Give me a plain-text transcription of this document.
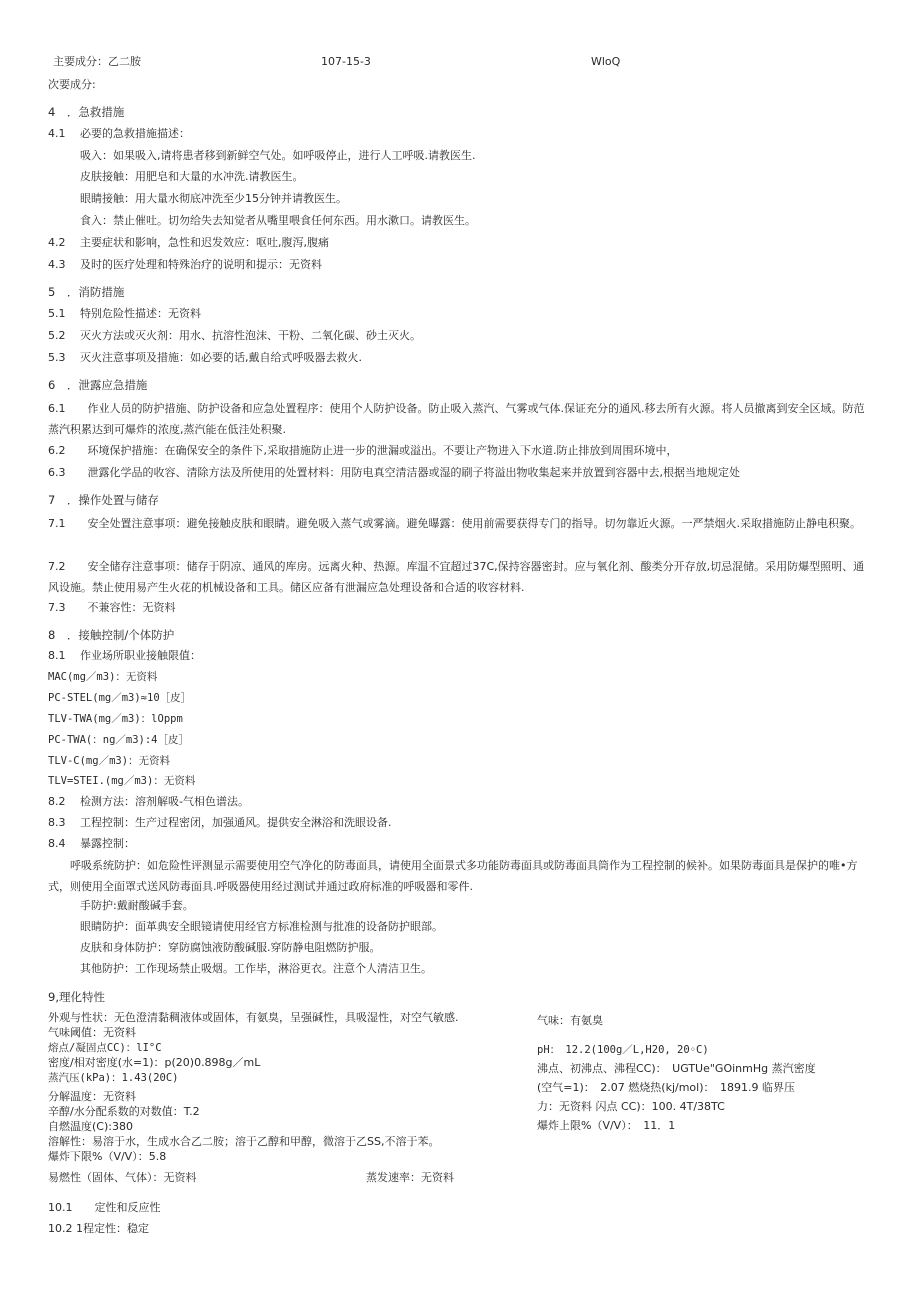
主要成分：乙二胺	107-15-3	WloQ
次要成分:
4　．急救措施
4.1　 必要的急救措施描述：
吸入：如果吸入,请将患者移到新鲜空气处。如呼吸停止，进行人工呼吸.请教医生.
皮肤接触：用肥皂和大量的水冲洗.请教医生。
眼睛接触：用大量水彻底冲洗至少15分钟并请教医生。
食入：禁止催吐。切勿给失去知觉者从嘴里喂食任何东西。用水漱口。请教医生。
4.2　 主要症状和影响，急性和迟发效应：呕吐,腹泻,腹痛
4.3　 及时的医疗处理和特殊治疗的说明和提示：无资料
5　．消防措施
5.1　 特别危险性描述：无资料
5.2　 灭火方法或灭火剂：用水、抗溶性泡沫、干粉、二氧化碳、砂土灭火。
5.3　 灭火注意事项及措施：如必要的话,戴自给式呼吸器去救火.
6　．泄露应急措施
6.1　　作业人员的防护措施、防护设备和应急处置程序：使用个人防护设备。防止吸入蒸汽、气雾或气体.保证充分的通风.移去所有火源。将人员撤离到安全区域。防范蒸汽积累达到可爆炸的浓度,蒸汽能在低洼处积聚.
6.2　　环境保护措施：在确保安全的条件下,采取措施防止进一步的泄漏或溢出。不要让产物进入下水道.防止排放到周围环境中，
6.3　　泄露化学品的收容、清除方法及所使用的处置材料：用防电真空清洁器或湿的刷子将溢出物收集起来并放置到容器中去,根据当地规定处
7　．操作处置与储存
7.1　　安全处置注意事项：避免接触皮肤和眼睛。避免吸入蒸气或雾滴。避免曝露：使用前需要获得专门的指导。切勿靠近火源。一严禁烟火.采取措施防止静电积聚。
7.2　　安全储存注意事项：储存于阴凉、通风的库房。远离火种、热源。库温不宜超过37C,保持容器密封。应与氧化剂、酸类分开存放,切忌混储。采用防爆型照明、通风设施。禁止使用易产生火花的机械设备和工具。储区应备有泄漏应急处理设备和合适的收容材料.
7.3　　不兼容性：无资料
8　．接触控制/个体防护
8.1　 作业场所职业接触限值：
MAC(mg／m3)：无资料
PC-STEL(mg／m3)≈10［皮］
TLV-TWA(mg／m3)：lOppm
PC-TWA(：ng／m3):4［皮］
TLV-C(mg／m3)：无资料
TLV=STEI.(mg／m3)：无资料
8.2　 检测方法：溶剂解吸-气相色谱法。
8.3　 工程控制：生产过程密闭，加强通风。提供安全淋浴和洗眼设备.
8.4　 暴露控制：
　　呼吸系统防护：如危险性评测显示需要使用空气净化的防毒面具，请使用全面景式多功能防毒面具或防毒面具筒作为工程控制的候补。如果防毒面具是保护的唯•方式，则使用全面罩式送风防毒面具.呼吸器使用经过测试并通过政府标准的呼吸器和零件.
手防护:戴耐酸碱手套。
眼睛防护：面革典安全眼镜请使用经官方标准检测与批准的设备防护眼部。
皮肤和身体防护：穿防腐蚀液防酸碱服.穿防静电阻燃防护服。
其他防护：工作现场禁止吸烟。工作毕，淋浴更衣。注意个人清洁卫生。
9,理化特性
外观与性状：无色澄清黏稠液体或固体，有氨臭，呈强碱性，具吸湿性，对空气敏感.	气味：有氨臭
气味阈值：无资料
熔点/凝固点CC)：lI°C
密度/相对密度(水=1)：p(20)0.898g／mL
蒸汽压(kPa)：1.43(20C)
分解温度：无资料
辛醇/水分配系数的对数值：T.2
自燃温度(C):380
溶解性：易溶于水，生成水合乙二胺；溶于乙醇和甲醇，微溶于乙SS,不溶于苯。
爆炸下限%（V/V）：5.8
易燃性（固体、气体）：无资料	蒸发速率：无资料
pH：　12.2(100g／L,H20, 20◦C)
沸点、初沸点、沸程CC)：　UGTUe"GOinmHg 蒸汽密度
(空气=1)：　2.07 燃烧热(kj/mol)：　1891.9 临界压
力：无资料 闪点 CC)：100. 4T/38TC
爆炸上限%（V/V）：　11．1
10.1　　定性和反应性
10.2 1程定性：稳定
